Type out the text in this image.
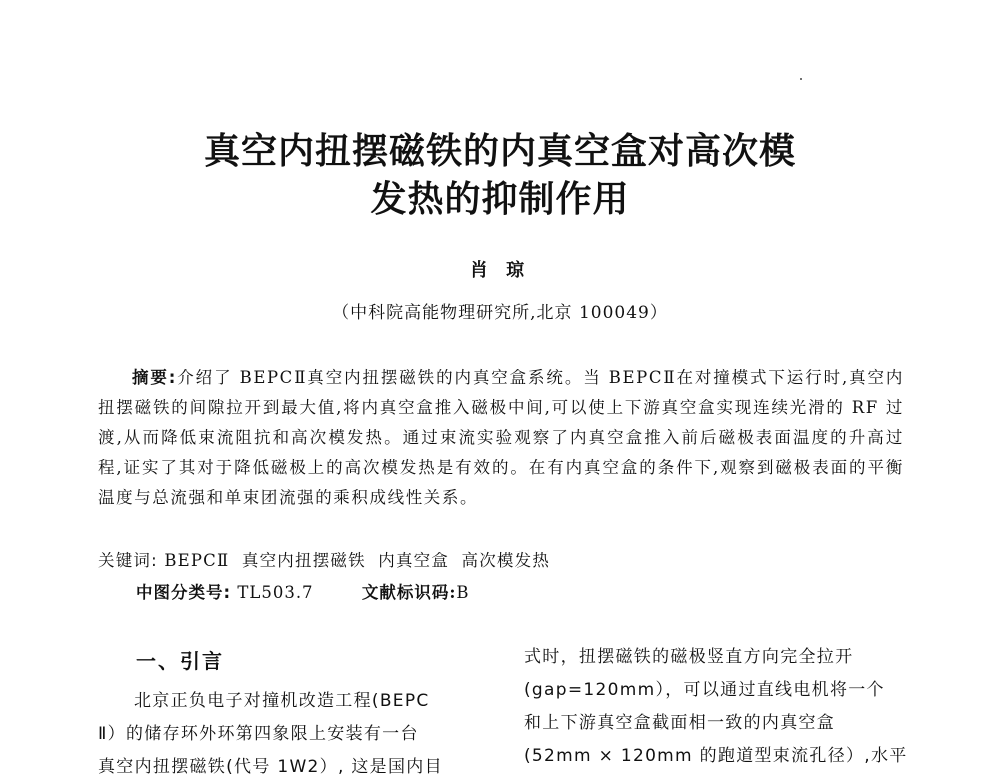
真空内扭摆磁铁的内真空盒对高次模
发热的抑制作用
肖 琼
（中科院高能物理研究所,北京 100049）

摘要:介绍了 BEPCⅡ真空内扭摆磁铁的内真空盒系统。当 BEPCⅡ在对撞模式下运行时,真空内扭摆磁铁的间隙拉开到最大值,将内真空盒推入磁极中间,可以使上下游真空盒实现连续光滑的 RF 过渡,从而降低束流阻抗和高次模发热。通过束流实验观察了内真空盒推入前后磁极表面温度的升高过程,证实了其对于降低磁极上的高次模发热是有效的。在有内真空盒的条件下,观察到磁极表面的平衡温度与总流强和单束团流强的乘积成线性关系。

关键词: BEPCⅡ 真空内扭摆磁铁 内真空盒 高次模发热
中图分类号: TL503.7	文献标识码:B
一、引言
北京正负电子对撞机改造工程(BEPC
Ⅱ）的储存环外环第四象限上安装有一台
真空内扭摆磁铁(代号 1W2）, 这是国内目
式时，扭摆磁铁的磁极竖直方向完全拉开
(gap=120mm），可以通过直线电机将一个
和上下游真空盒截面相一致的内真空盒
(52mm × 120mm 的跑道型束流孔径）,水平
